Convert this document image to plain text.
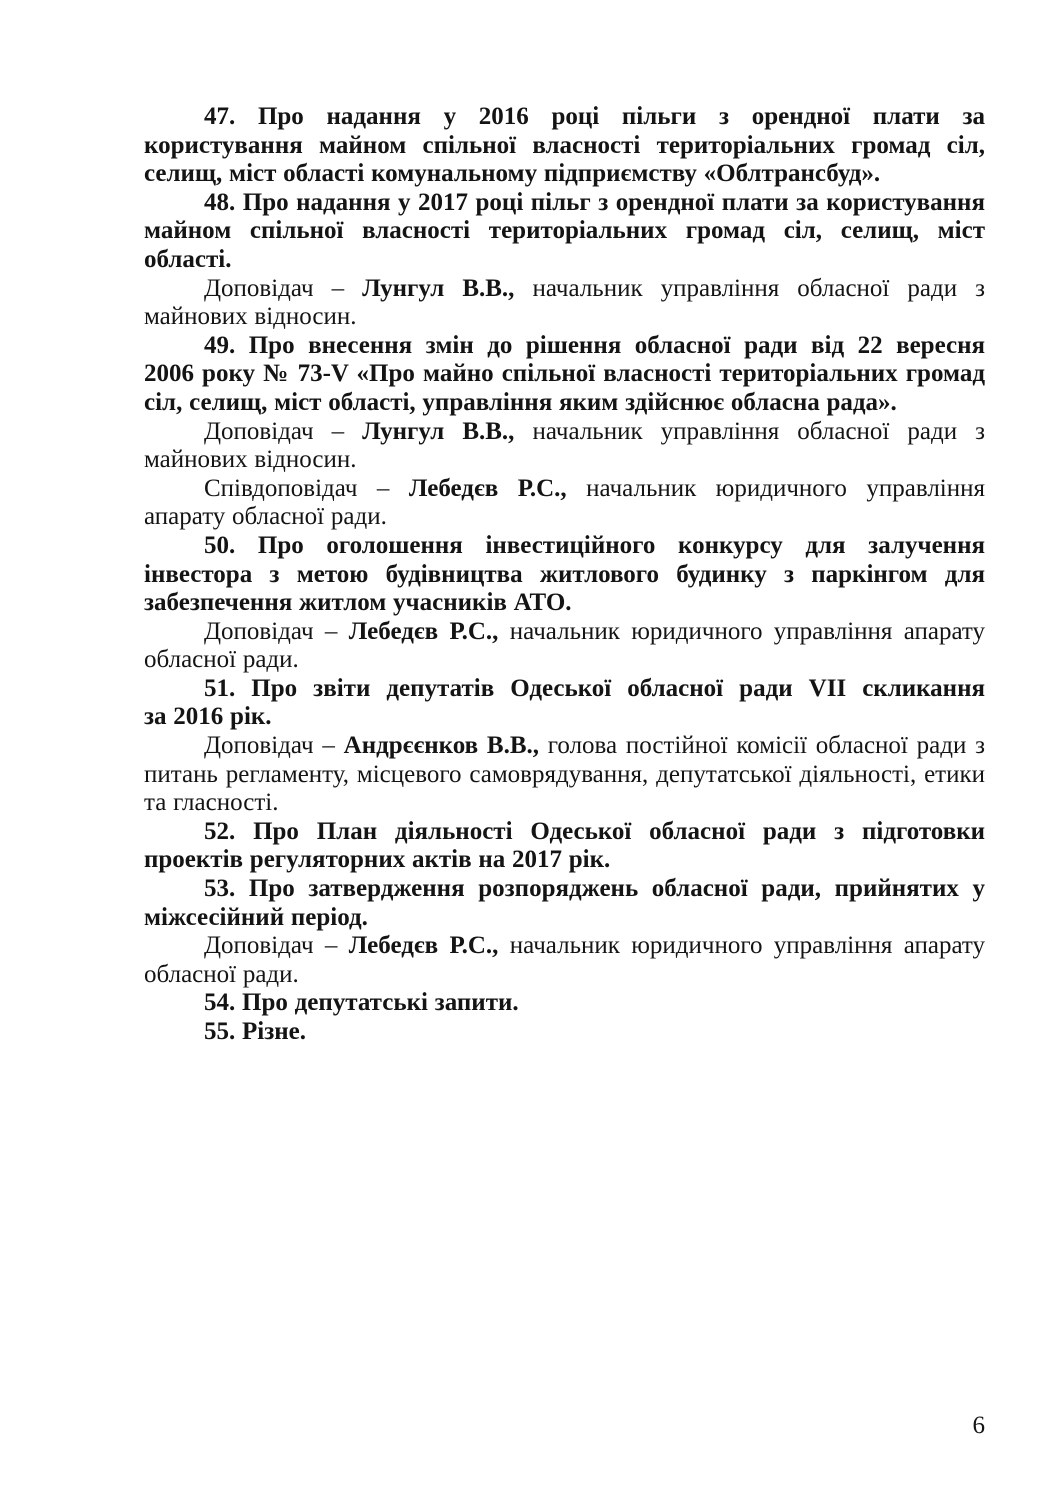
47. Про надання у 2016 році пільги з орендної плати за
користування майном спільної власності територіальних громад сіл,
селищ, міст області комунальному підприємству «Облтрансбуд».
48. Про надання у 2017 році пільг з орендної плати за користування
майном спільної власності територіальних громад сіл, селищ, міст
області.
Доповідач – Лунгул В.В., начальник управління обласної ради з
майнових відносин.
49. Про внесення змін до рішення обласної ради від 22 вересня
2006 року № 73-V «Про майно спільної власності територіальних громад
сіл, селищ, міст області, управління яким здійснює обласна рада».
Доповідач – Лунгул В.В., начальник управління обласної ради з
майнових відносин.
Співдоповідач – Лебедєв Р.С., начальник юридичного управління
апарату обласної ради.
50. Про оголошення інвестиційного конкурсу для залучення
інвестора з метою будівництва житлового будинку з паркінгом для
забезпечення житлом учасників АТО.
Доповідач – Лебедєв Р.С., начальник юридичного управління апарату
обласної ради.
51. Про звіти депутатів Одеської обласної ради VII скликання
за 2016 рік.
Доповідач – Андрєєнков В.В., голова постійної комісії обласної ради з
питань регламенту, місцевого самоврядування, депутатської діяльності, етики
та гласності.
52. Про План діяльності Одеської обласної ради з підготовки
проектів регуляторних актів на 2017 рік.
53. Про затвердження розпоряджень обласної ради, прийнятих у
міжсесійний період.
Доповідач – Лебедєв Р.С., начальник юридичного управління апарату
обласної ради.
54. Про депутатські запити.
55. Різне.
6
